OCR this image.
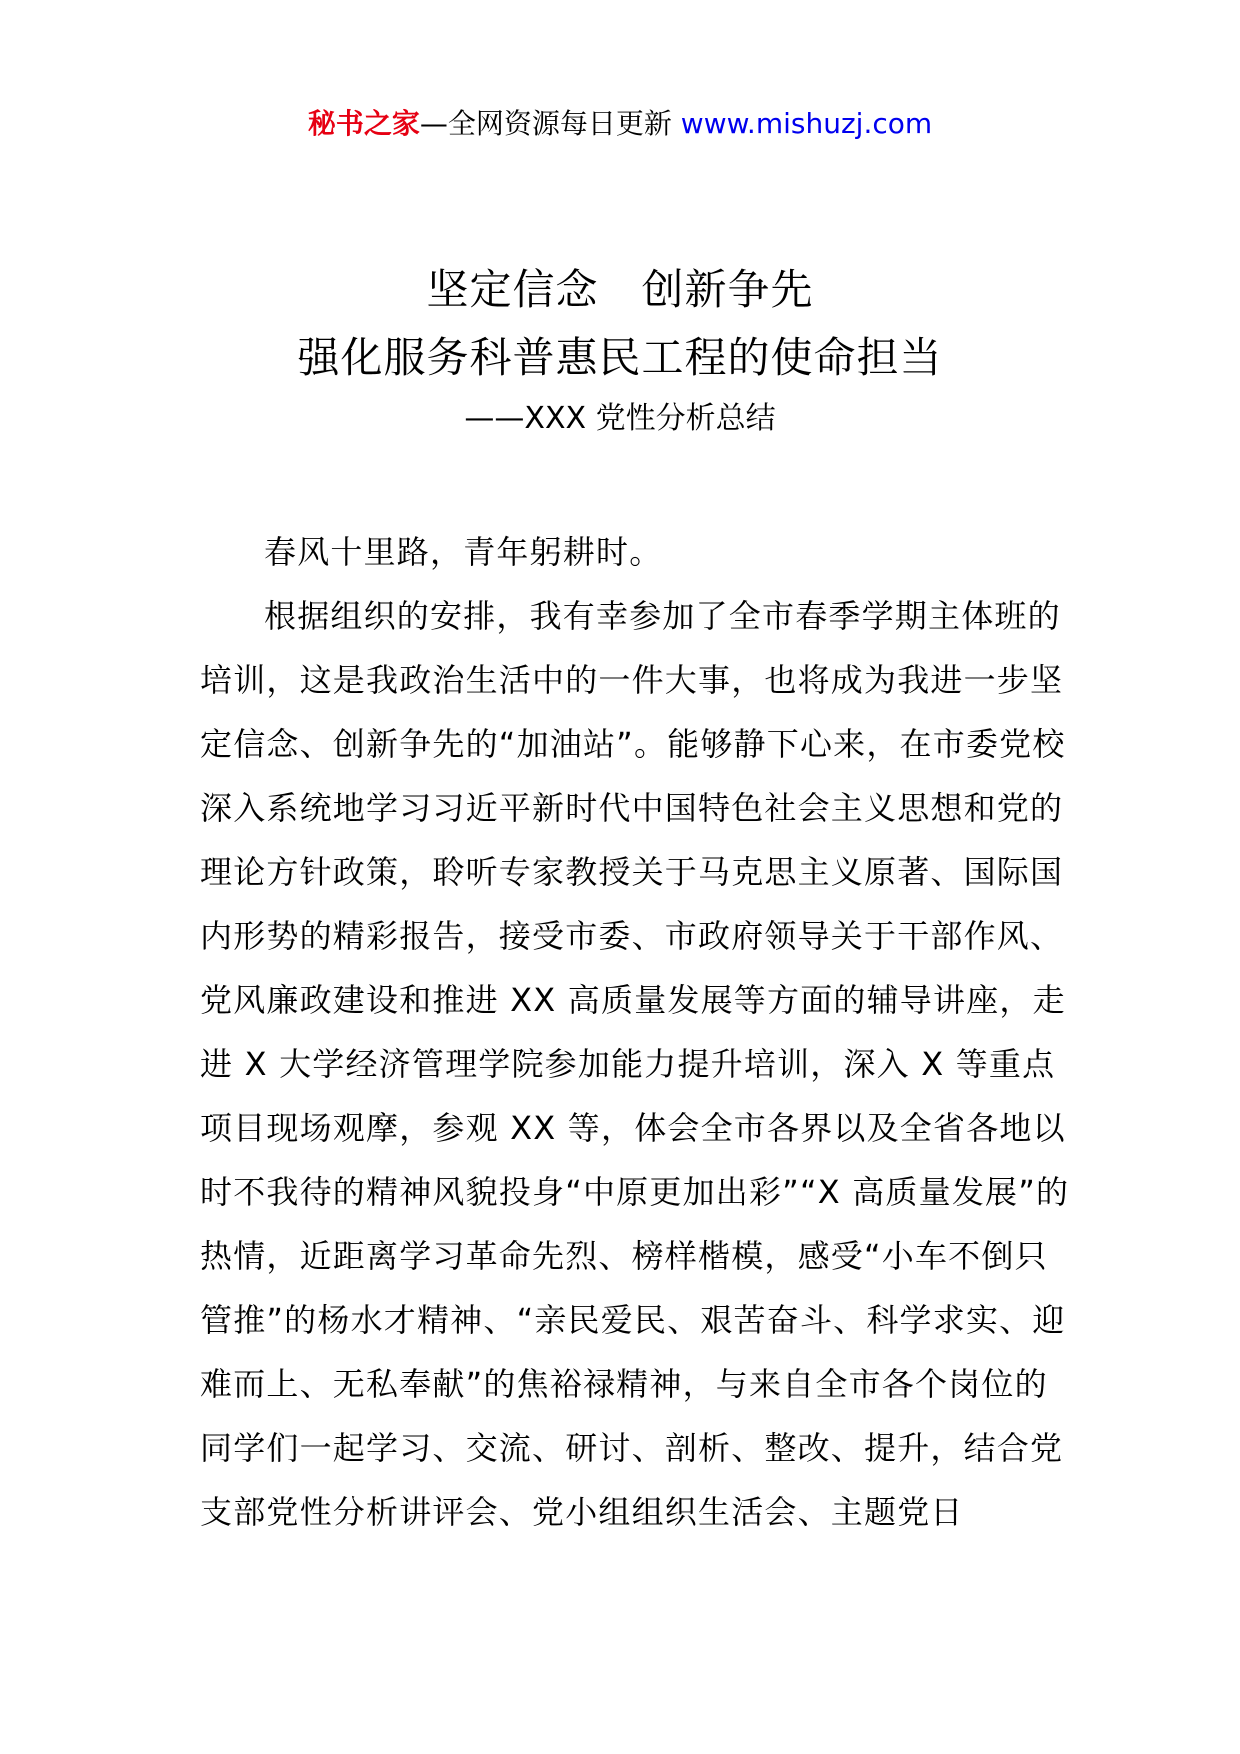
秘书之家—全网资源每日更新 www.mishuzj.com
坚定信念　创新争先
强化服务科普惠民工程的使命担当
——XXX 党性分析总结

春风十里路，青年躬耕时。

根据组织的安排，我有幸参加了全市春季学期主体班的培训，这是我政治生活中的一件大事，也将成为我进一步坚定信念、创新争先的“加油站”。能够静下心来，在市委党校深入系统地学习习近平新时代中国特色社会主义思想和党的理论方针政策，聆听专家教授关于马克思主义原著、国际国内形势的精彩报告，接受市委、市政府领导关于干部作风、党风廉政建设和推进 XX 高质量发展等方面的辅导讲座，走进 X 大学经济管理学院参加能力提升培训，深入 X 等重点项目现场观摩，参观 XX 等，体会全市各界以及全省各地以时不我待的精神风貌投身“中原更加出彩”“X 高质量发展”的热情，近距离学习革命先烈、榜样楷模，感受“小车不倒只管推”的杨水才精神、“亲民爱民、艰苦奋斗、科学求实、迎难而上、无私奉献”的焦裕禄精神，与来自全市各个岗位的同学们一起学习、交流、研讨、剖析、整改、提升，结合党支部党性分析讲评会、党小组组织生活会、主题党日
